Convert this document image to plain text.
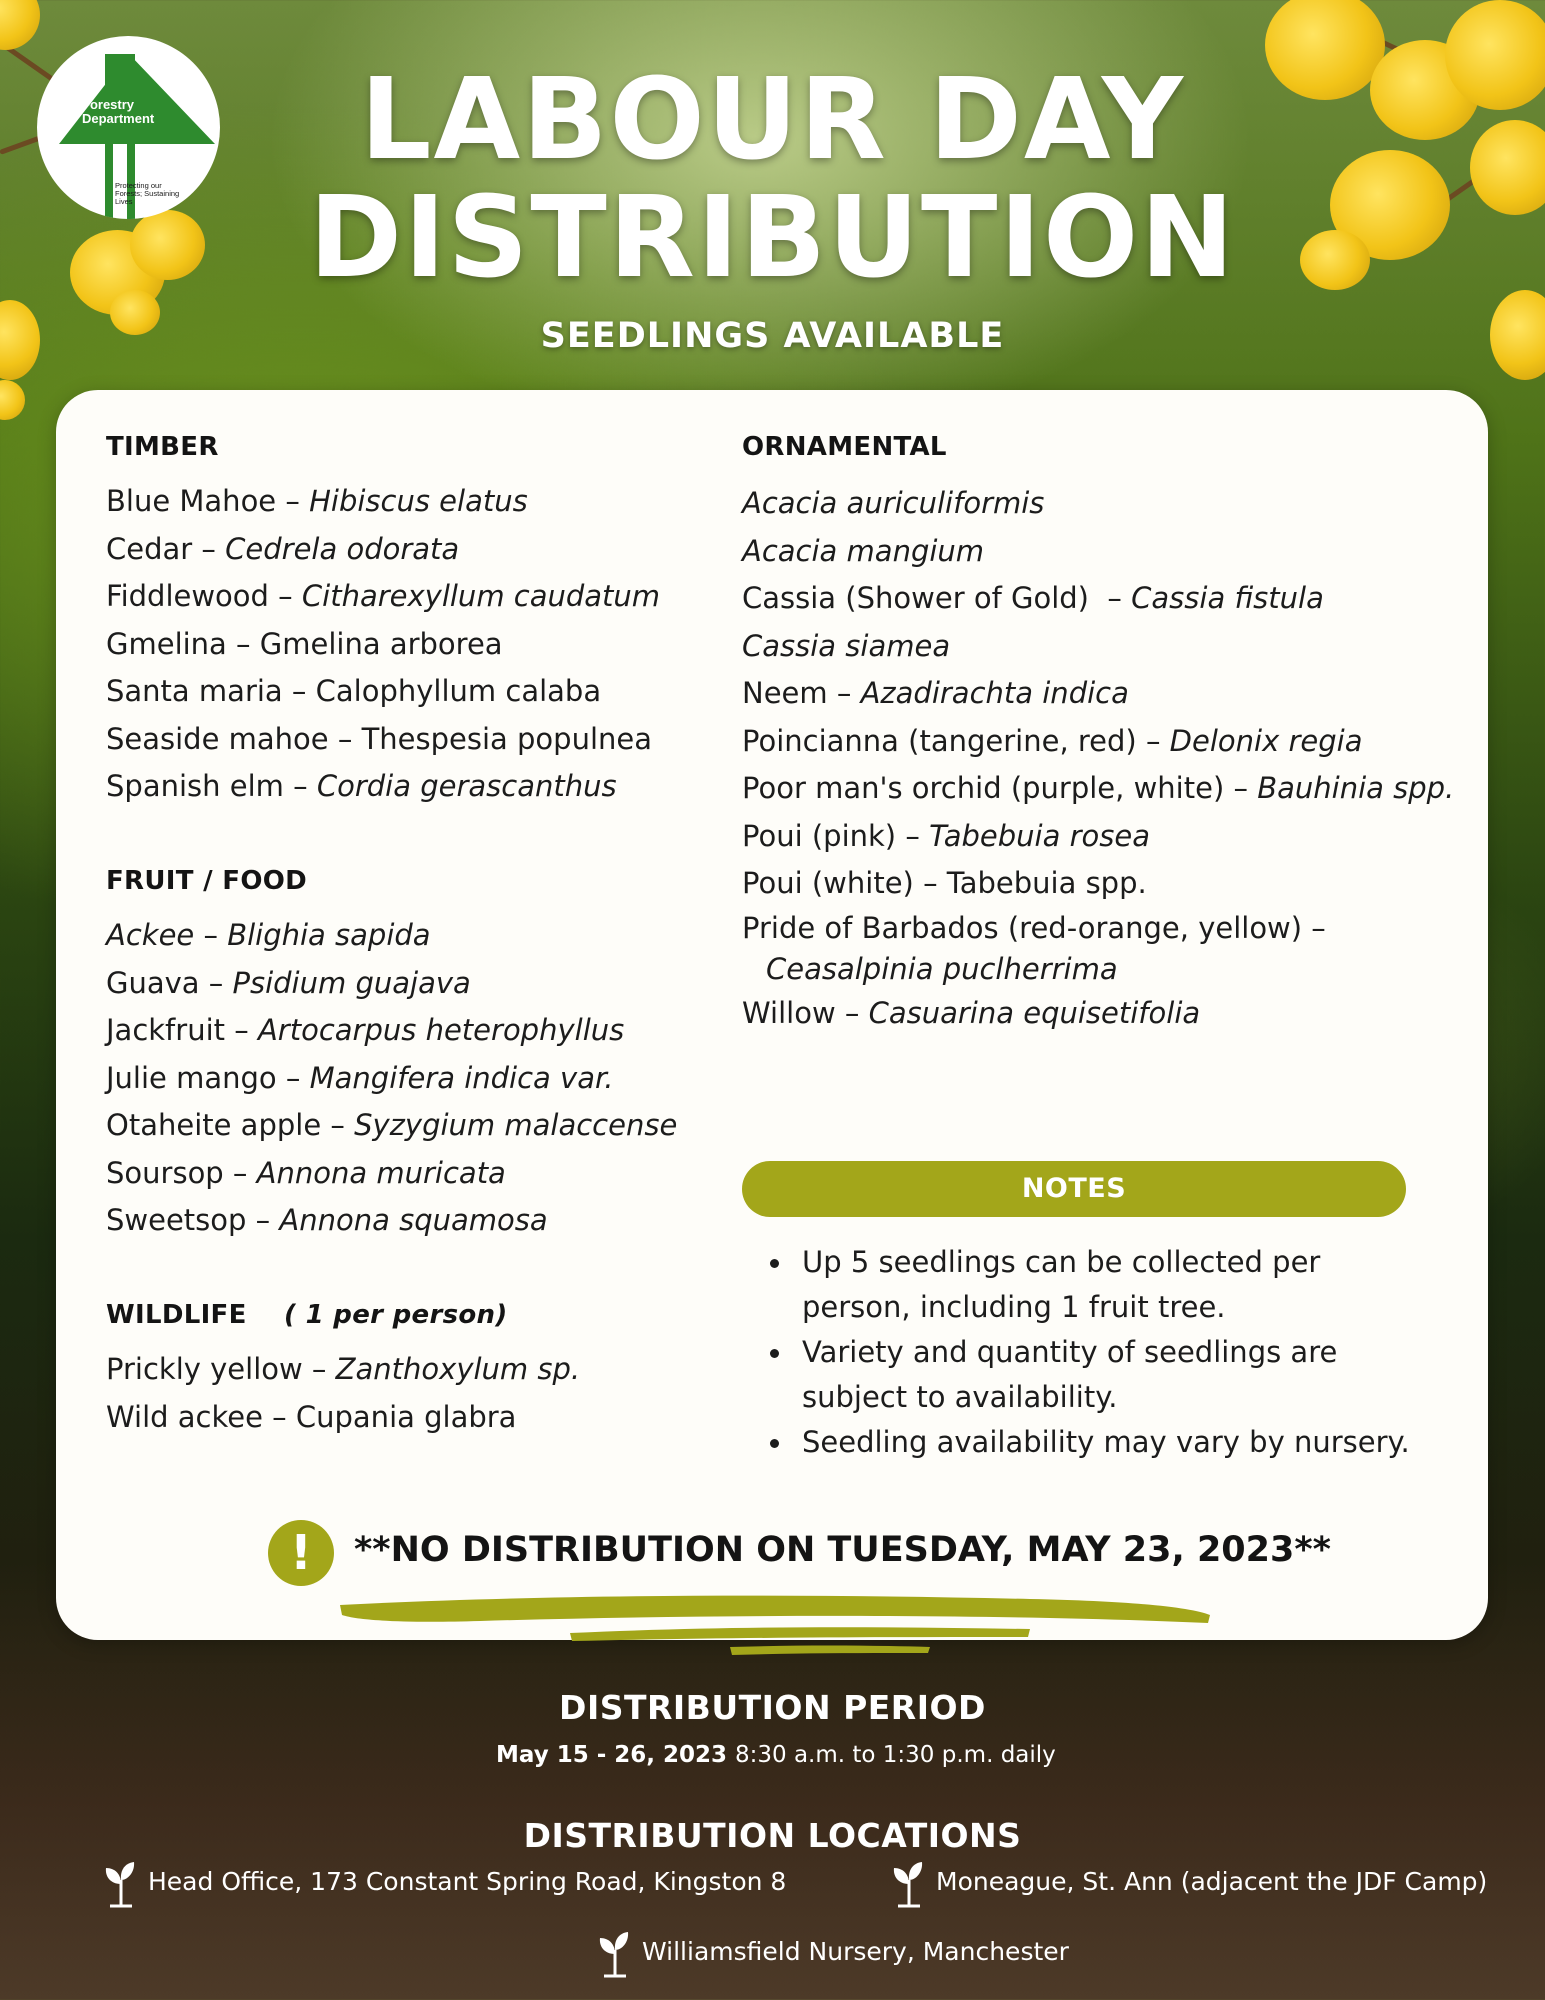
Forestry Department
Protecting our Forests; Sustaining Lives
LABOUR DAY
DISTRIBUTION
SEEDLINGS AVAILABLE
TIMBER
Blue Mahoe – Hibiscus elatus
Cedar – Cedrela odorata
Fiddlewood – Citharexyllum caudatum
Gmelina – Gmelina arborea
Santa maria – Calophyllum calaba
Seaside mahoe – Thespesia populnea
Spanish elm – Cordia gerascanthus
FRUIT / FOOD
Ackee – Blighia sapida
Guava – Psidium guajava
Jackfruit – Artocarpus heterophyllus
Julie mango – Mangifera indica var.
Otaheite apple – Syzygium malaccense
Soursop – Annona muricata
Sweetsop – Annona squamosa
WILDLIFE ( 1 per person)
Prickly yellow – Zanthoxylum sp.
Wild ackee – Cupania glabra
ORNAMENTAL
Acacia auriculiformis
Acacia mangium
Cassia (Shower of Gold)  – Cassia fistula
Cassia siamea
Neem – Azadirachta indica
Poincianna (tangerine, red) – Delonix regia
Poor man's orchid (purple, white) – Bauhinia spp.
Poui (pink) – Tabebuia rosea
Poui (white) – Tabebuia spp.
Pride of Barbados (red-orange, yellow) –
Ceasalpinia puclherrima
Willow – Casuarina equisetifolia
NOTES
Up 5 seedlings can be collected per person, including 1 fruit tree.
Variety and quantity of seedlings are subject to availability.
Seedling availability may vary by nursery.
!	**NO DISTRIBUTION ON TUESDAY, MAY 23, 2023**
DISTRIBUTION PERIOD
May 15 - 26, 2023 8:30 a.m. to 1:30 p.m. daily
DISTRIBUTION LOCATIONS
Head Office, 173 Constant Spring Road, Kingston 8	Moneague, St. Ann (adjacent the JDF Camp)
Williamsfield Nursery, Manchester
